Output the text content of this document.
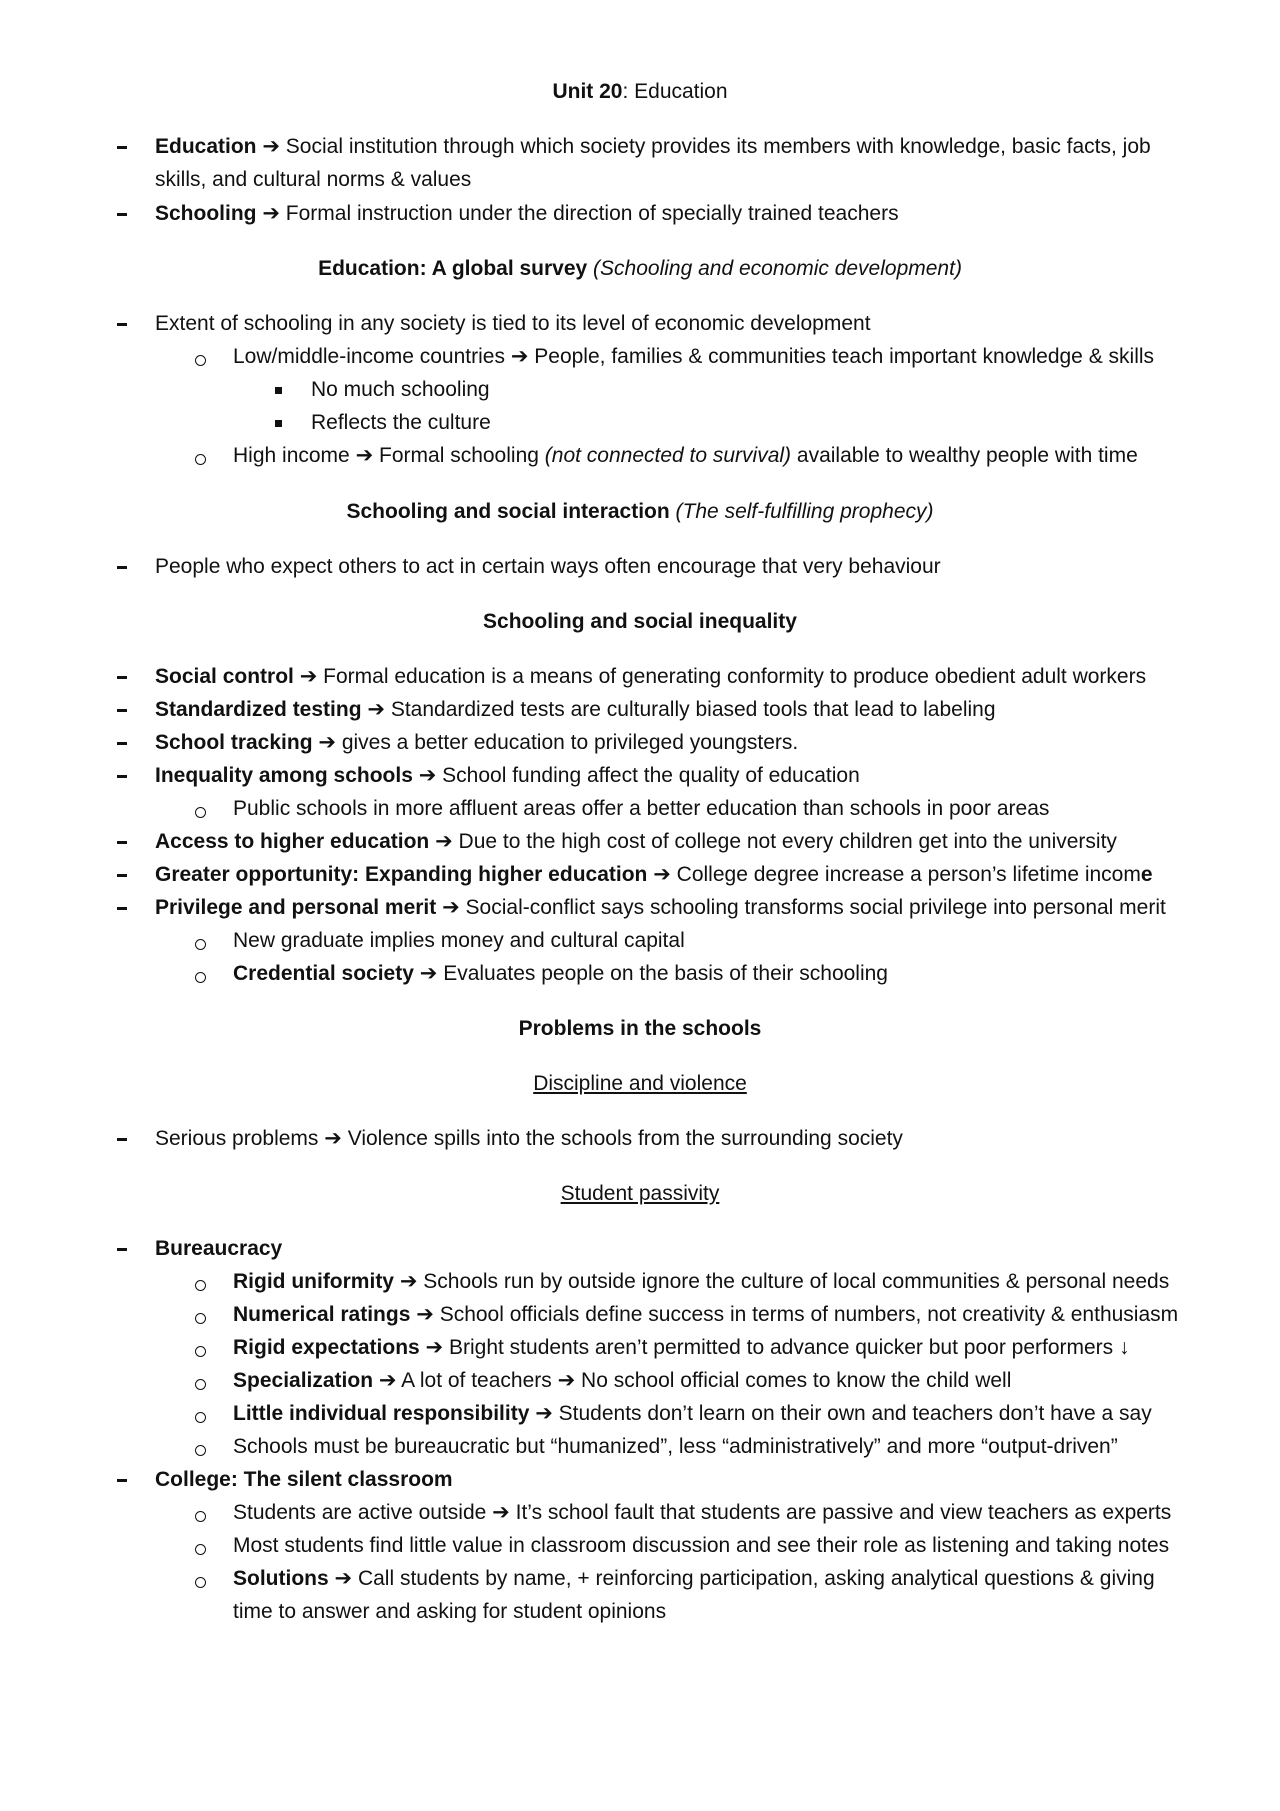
Unit 20: Education
Education ➔ Social institution through which society provides its members with knowledge, basic facts, job
skills, and cultural norms & values
Schooling ➔ Formal instruction under the direction of specially trained teachers
Education: A global survey (Schooling and economic development)
Extent of schooling in any society is tied to its level of economic development
Low/middle-income countries ➔ People, families & communities teach important knowledge & skills
No much schooling
Reflects the culture
High income ➔ Formal schooling (not connected to survival) available to wealthy people with time
Schooling and social interaction (The self-fulfilling prophecy)
People who expect others to act in certain ways often encourage that very behaviour
Schooling and social inequality
Social control ➔ Formal education is a means of generating conformity to produce obedient adult workers
Standardized testing ➔ Standardized tests are culturally biased tools that lead to labeling
School tracking ➔ gives a better education to privileged youngsters.
Inequality among schools ➔ School funding affect the quality of education
Public schools in more affluent areas offer a better education than schools in poor areas
Access to higher education ➔ Due to the high cost of college not every children get into the university
Greater opportunity: Expanding higher education ➔ College degree increase a person’s lifetime income
Privilege and personal merit ➔ Social-conflict says schooling transforms social privilege into personal merit
New graduate implies money and cultural capital
Credential society ➔ Evaluates people on the basis of their schooling
Problems in the schools
Discipline and violence
Serious problems ➔ Violence spills into the schools from the surrounding society
Student passivity
Bureaucracy
Rigid uniformity ➔ Schools run by outside ignore the culture of local communities & personal needs
Numerical ratings ➔ School officials define success in terms of numbers, not creativity & enthusiasm
Rigid expectations ➔ Bright students aren’t permitted to advance quicker but poor performers ↓
Specialization ➔ A lot of teachers ➔ No school official comes to know the child well
Little individual responsibility ➔ Students don’t learn on their own and teachers don’t have a say
Schools must be bureaucratic but “humanized”, less “administratively” and more “output-driven”
College: The silent classroom
Students are active outside ➔ It’s school fault that students are passive and view teachers as experts
Most students find little value in classroom discussion and see their role as listening and taking notes
Solutions ➔ Call students by name, + reinforcing participation, asking analytical questions & giving
time to answer and asking for student opinions
